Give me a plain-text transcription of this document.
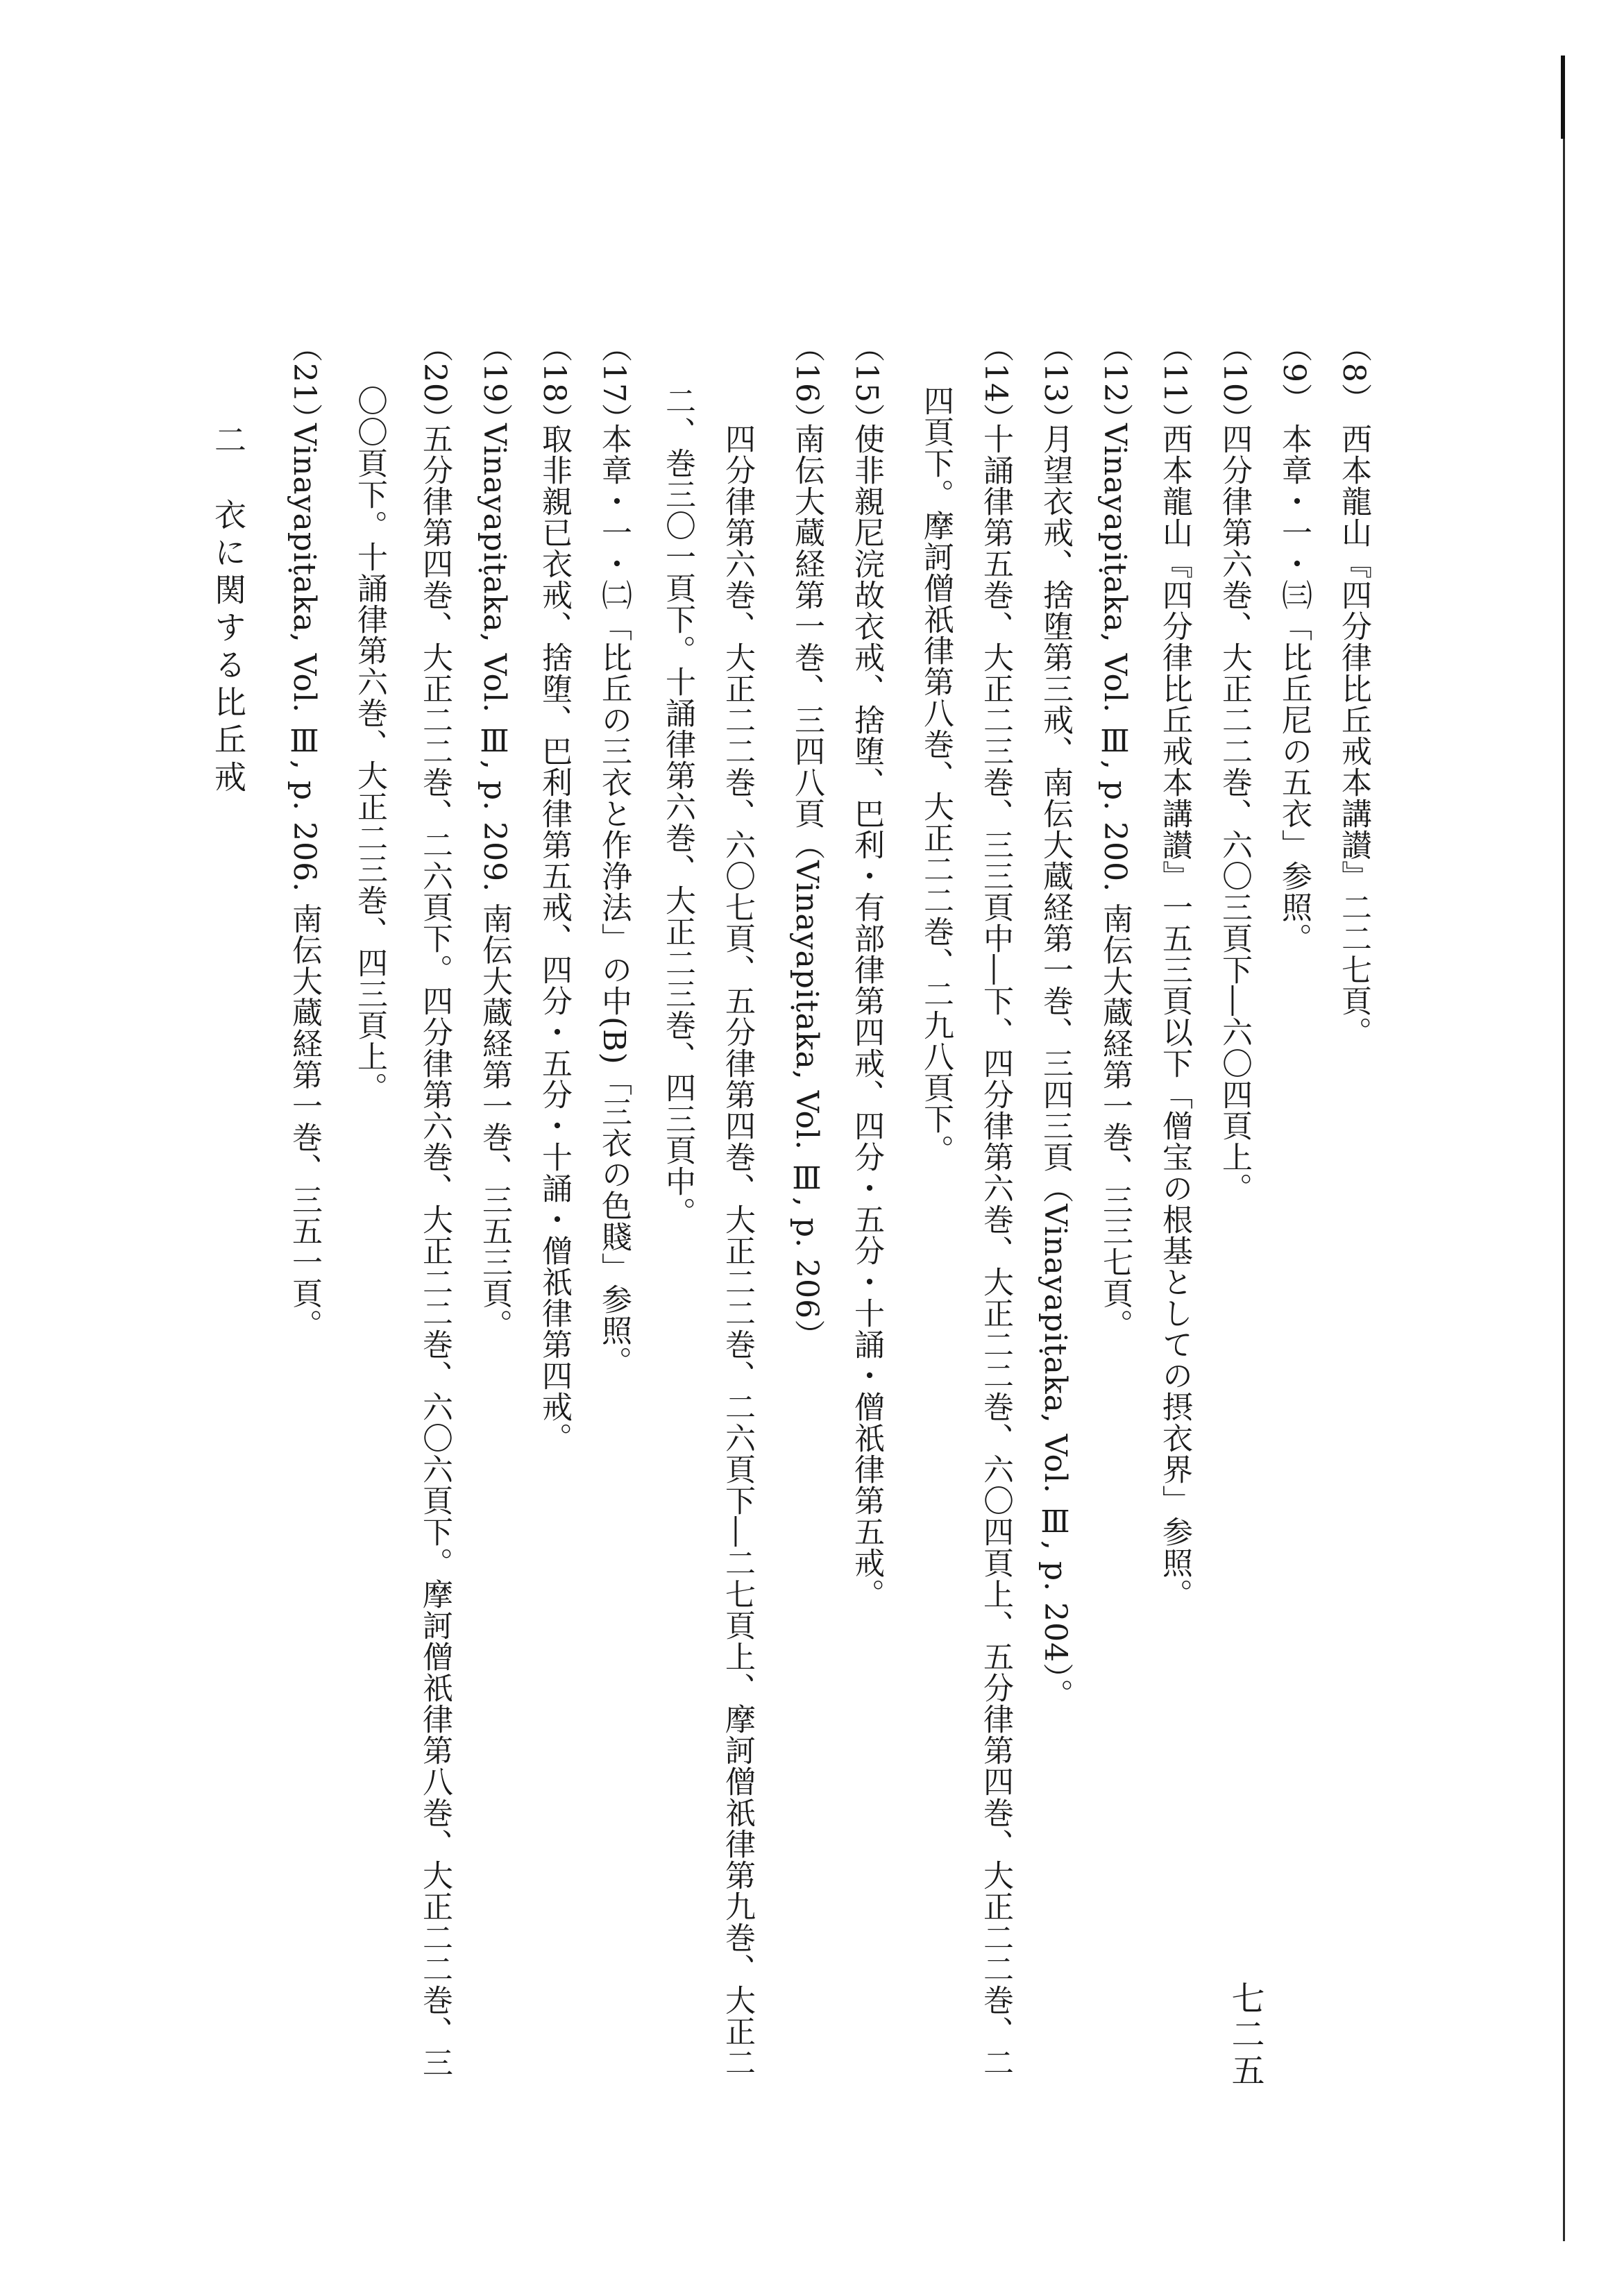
（8）
西本龍山『四分律比丘戒本講讃』二二七頁。
（9）
本章・一・㈢「比丘尼の五衣」参照。
（10）
四分律第六巻、大正二二巻、六〇三頁下―六〇四頁上。
（11）
西本龍山『四分律比丘戒本講讃』一五三頁以下「僧宝の根基としての摂衣界」参照。
（12）
Vinayapiṭaka, Vol. Ⅲ, p. 200. 南伝大蔵経第一巻、三三七頁。
（13）
月望衣戒、捨堕第三戒、南伝大蔵経第一巻、三四三頁（Vinayapiṭaka, Vol. Ⅲ, p. 204）。
（14）
十誦律第五巻、大正二三巻、三三頁中―下、四分律第六巻、大正二二巻、六〇四頁上、五分律第四巻、大正二二巻、二
四頁下。摩訶僧祇律第八巻、大正二二巻、二九八頁下。
（15）
使非親尼浣故衣戒、捨堕、巴利・有部律第四戒、四分・五分・十誦・僧祇律第五戒。
（16）
南伝大蔵経第一巻、三四八頁（Vinayapiṭaka, Vol. Ⅲ, p. 206）
四分律第六巻、大正二二巻、六〇七頁、五分律第四巻、大正二二巻、二六頁下―二七頁上、摩訶僧祇律第九巻、大正二
二、巻三〇一頁下。十誦律第六巻、大正二三巻、四三頁中。
（17）
本章・一・㈡「比丘の三衣と作浄法」の中(B)「三衣の色賤」参照。
（18）
取非親已衣戒、捨堕、巴利律第五戒、四分・五分・十誦・僧祇律第四戒。
（19）
Vinayapiṭaka, Vol. Ⅲ, p. 209. 南伝大蔵経第一巻、三五三頁。
（20）
五分律第四巻、大正二二巻、二六頁下。四分律第六巻、大正二二巻、六〇六頁下。摩訶僧祇律第八巻、大正二二巻、三
〇〇頁下。十誦律第六巻、大正二三巻、四三頁上。
（21）
Vinayapiṭaka, Vol. Ⅲ, p. 206. 南伝大蔵経第一巻、三五一頁。
二　衣に関する比丘戒
七二五
